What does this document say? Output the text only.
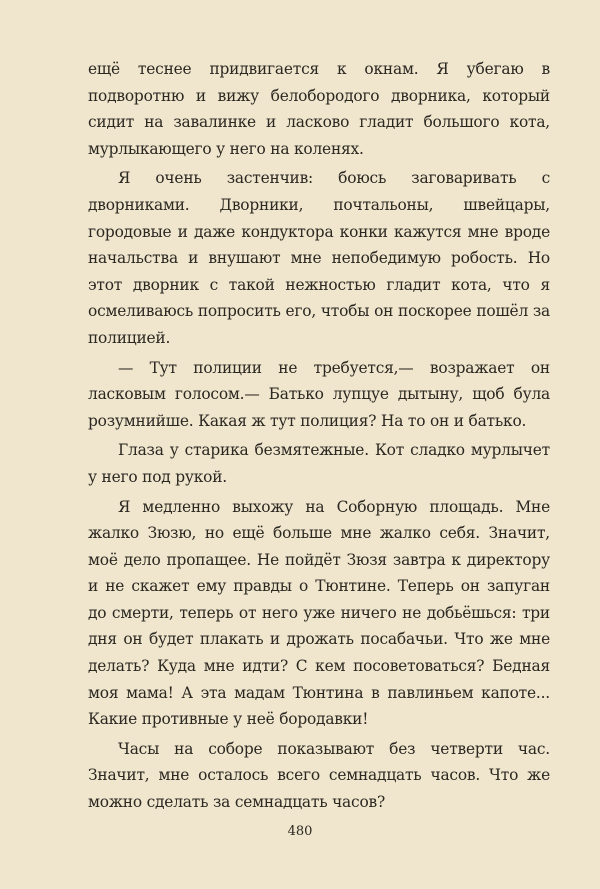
ещё теснее придвигается к окнам. Я убегаю в подворотню и вижу белобородого дворника, который сидит на завалинке и ласково гладит большого кота, мурлыкающего у него на коленях.

Я очень застенчив: боюсь заговаривать с дворниками. Дворники, почтальоны, швейцары, городовые и даже кондуктора конки кажутся мне вроде начальства и внушают мне непобедимую робость. Но этот дворник с такой нежностью гладит кота, что я осмеливаюсь попросить его, чтобы он поскорее пошёл за полицией.

— Тут полиции не требуется,— возражает он ласковым голосом.— Батько лупцуе дытыну, щоб була розумнийше. Какая ж тут полиция? На то он и батько.

Глаза у старика безмятежные. Кот сладко мурлычет у него под рукой.

Я медленно выхожу на Соборную площадь. Мне жалко Зюзю, но ещё больше мне жалко себя. Значит, моё дело пропащее. Не пойдёт Зюзя завтра к директору и не скажет ему правды о Тюнтине. Теперь он запуган до смерти, теперь от него уже ничего не добьёшься: три дня он будет плакать и дрожать посабачьи. Что же мне делать? Куда мне идти? С кем посоветоваться? Бедная моя мама! А эта мадам Тюнтина в павлиньем капоте... Какие противные у неё бородавки!

Часы на соборе показывают без четверти час. Значит, мне осталось всего семнадцать часов. Что же можно сделать за семнадцать часов?

480
